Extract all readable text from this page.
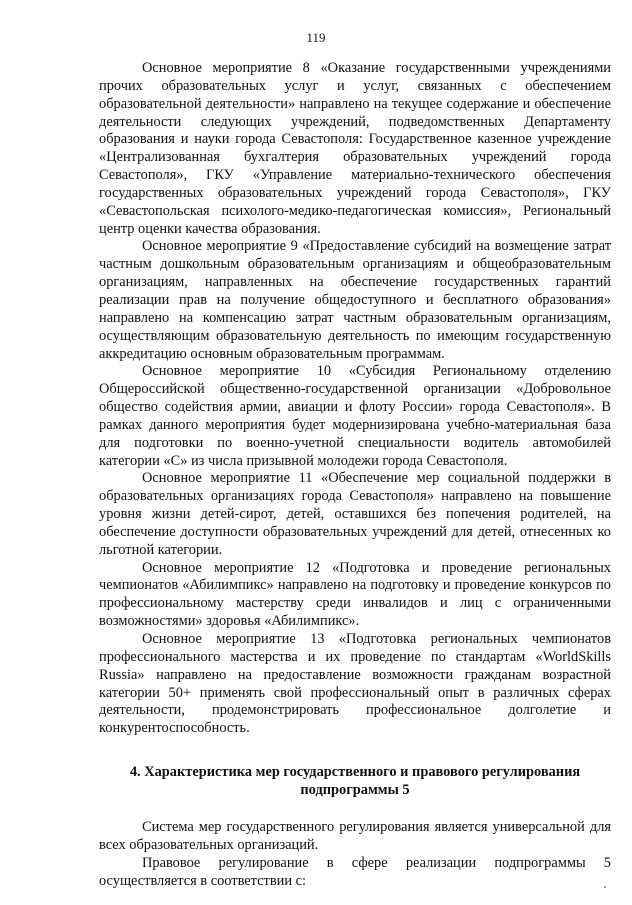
119

Основное мероприятие 8 «Оказание государственными учреждениями прочих образовательных услуг и услуг, связанных с обеспечением образовательной деятельности» направлено на текущее содержание и обеспечение деятельности следующих учреждений, подведомственных Департаменту образования и науки города Севастополя: Государственное казенное учреждение «Централизованная бухгалтерия образовательных учреждений города Севастополя», ГКУ «Управление материально-технического обеспечения государственных образовательных учреждений города Севастополя», ГКУ «Севастопольская психолого-медико-педагогическая комиссия», Региональный центр оценки качества образования.

Основное мероприятие 9 «Предоставление субсидий на возмещение затрат частным дошкольным образовательным организациям и общеобразовательным организациям, направленных на обеспечение государственных гарантий реализации прав на получение общедоступного и бесплатного образования» направлено на компенсацию затрат частным образовательным организациям, осуществляющим образовательную деятельность по имеющим государственную аккредитацию основным образовательным программам.

Основное мероприятие 10 «Субсидия Региональному отделению Общероссийской общественно-государственной организации «Добровольное общество содействия армии, авиации и флоту России» города Севастополя». В рамках данного мероприятия будет модернизирована учебно-материальная база для подготовки по военно-учетной специальности водитель автомобилей категории «С» из числа призывной молодежи города Севастополя.

Основное мероприятие 11 «Обеспечение мер социальной поддержки в образовательных организациях города Севастополя» направлено на повышение уровня жизни детей-сирот, детей, оставшихся без попечения родителей, на обеспечение доступности образовательных учреждений для детей, отнесенных ко льготной категории.

Основное мероприятие 12 «Подготовка и проведение региональных чемпионатов «Абилимпикс» направлено на подготовку и проведение конкурсов по профессиональному мастерству среди инвалидов и лиц с ограниченными возможностями» здоровья «Абилимпикс».

Основное мероприятие 13 «Подготовка региональных чемпионатов профессионального мастерства и их проведение по стандартам «WorldSkills Russia» направлено на предоставление возможности гражданам возрастной категории 50+ применять свой профессиональный опыт в различных сферах деятельности, продемонстрировать профессиональное долголетие и конкурентоспособность.

4. Характеристика мер государственного и правового регулирования
подпрограммы 5

Система мер государственного регулирования является универсальной для всех образовательных организаций.

Правовое регулирование в сфере реализации подпрограммы 5 осуществляется в соответствии с:
